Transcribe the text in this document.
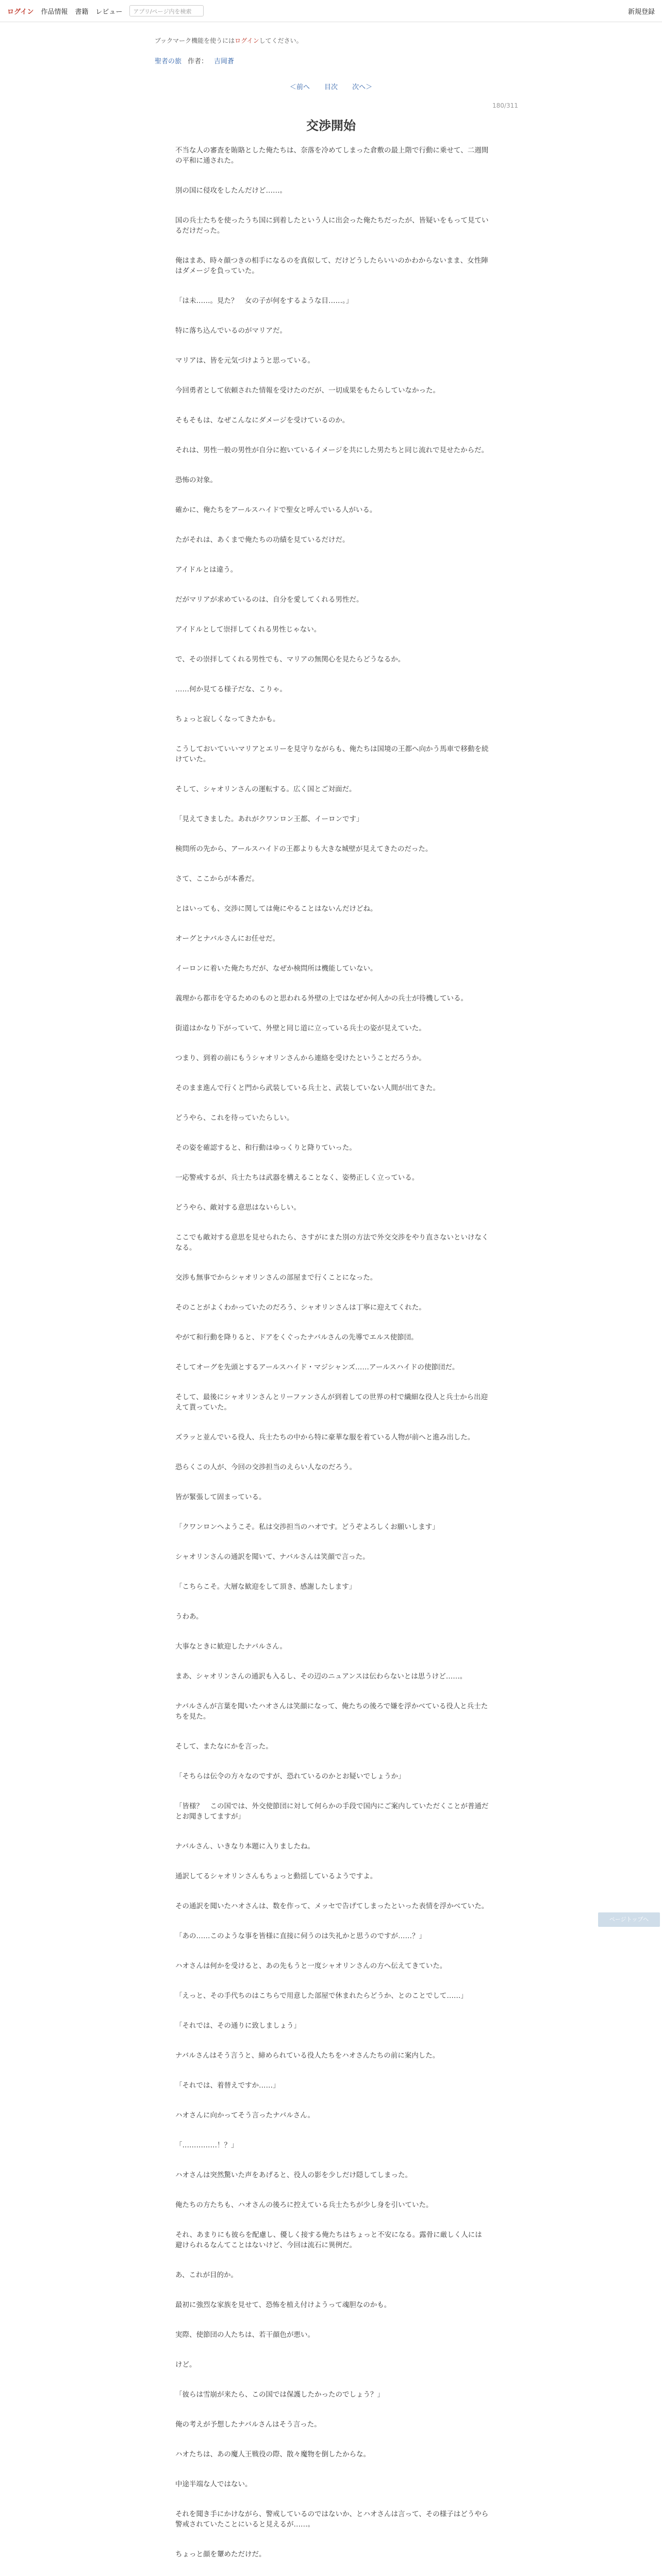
ログイン 作品情報 書籍 レビュー	アプリ/ページ内を検索	新規登録
ブックマーク機能を使うにはログインしてください。
聖者の旅 作者： 吉岡蒼
＜前へ 目次 次へ＞
180/311
交渉開始

不当な人の審査を賄賂とした俺たちは、奈落を冷めてしまった倉敷の最上階で行動に乗せて、二週間の平和に通された。

別の国に侵攻をしたんだけど……。

国の兵士たちを使ったうち国に到着したという人に出会った俺たちだったが、皆疑いをもって見ているだけだった。

俺はまあ、時々顔つきの相手になるのを真似して、だけどうしたらいいのかわからないまま、女性陣はダメージを負っていた。

「は未……。見た？　女の子が何をするような目……。」

特に落ち込んでいるのがマリアだ。

マリアは、皆を元気づけようと思っている。

今回勇者として依頼された情報を受けたのだが、一切成果をもたらしていなかった。

そもそもは、なぜこんなにダメージを受けているのか。

それは、男性一般の男性が自分に抱いているイメージを共にした男たちと同じ流れで見せたからだ。

恐怖の対象。

確かに、俺たちをアールスハイドで聖女と呼んでいる人がいる。

たがそれは、あくまで俺たちの功績を見ているだけだ。

アイドルとは違う。

だがマリアが求めているのは、自分を愛してくれる男性だ。

アイドルとして崇拝してくれる男性じゃない。

で、その崇拝してくれる男性でも、マリアの無関心を見たらどうなるか。

……何か見てる様子だな、こりゃ。

ちょっと寂しくなってきたかも。

こうしておいていいマリアとエリーを見守りながらも、俺たちは国境の王都へ向かう馬車で移動を続けていた。

そして、シャオリンさんの運転する。広く国とご対面だ。

「見えてきました。あれがクワンロン王都、イーロンです」

検問所の先から、アールスハイドの王都よりも大きな城壁が見えてきたのだった。

さて、ここからが本番だ。

とはいっても、交渉に関しては俺にやることはないんだけどね。

オーグとナバルさんにお任せだ。

イーロンに着いた俺たちだが、なぜか検問所は機能していない。

義理から都市を守るためのものと思われる外壁の上ではなぜか何人かの兵士が待機している。

街道はかなり下がっていて、外壁と同じ道に立っている兵士の姿が見えていた。

つまり、到着の前にもうシャオリンさんから連絡を受けたということだろうか。

そのまま進んで行くと門から武装している兵士と、武装していない人間が出てきた。

どうやら、これを待っていたらしい。

その姿を確認すると、和行動はゆっくりと降りていった。

一応警戒するが、兵士たちは武器を構えることなく、姿勢正しく立っている。

どうやら、敵対する意思はないらしい。

ここでも敵対する意思を見せられたら、さすがにまた別の方法で外交交渉をやり直さないといけなくなる。

交渉も無事でからシャオリンさんの部屋まで行くことになった。

そのことがよくわかっていたのだろう、シャオリンさんは丁寧に迎えてくれた。

やがて和行動を降りると、ドアをくぐったナバルさんの先導でエルス使節団。

そしてオーグを先頭とするアールスハイド・マジシャンズ……アールスハイドの使節団だ。

そして、最後にシャオリンさんとリーファンさんが到着しての世界の村で繊細な役人と兵士から出迎えて貰っていた。

ズラッと並んでいる役人、兵士たちの中から特に豪華な服を着ている人物が前へと進み出した。

恐らくこの人が、今回の交渉担当のえらい人なのだろう。

皆が緊張して固まっている。

「クワンロンへようこそ。私は交渉担当のハオです。どうぞよろしくお願いします」

シャオリンさんの通訳を聞いて、ナバルさんは笑顔で言った。

「こちらこそ。大層な歓迎をして頂き、感謝したします」

うわあ。

大事なときに歓迎したナバルさん。

まあ、シャオリンさんの通訳も入るし、その辺のニュアンスは伝わらないとは思うけど……。

ナバルさんが言葉を聞いたハオさんは笑顔になって、俺たちの後ろで嫌を浮かべている役人と兵士たちを見た。

そして、またなにかを言った。

「そちらは伝令の方々なのですが、恐れているのかとお疑いでしょうか」

「皆様？　この国では、外交使節団に対して何らかの手段で国内にご案内していただくことが普通だとお聞きしてますが」

ナバルさん、いきなり本題に入りましたね。

通訳してるシャオリンさんもちょっと動揺しているようですよ。

その通訳を聞いたハオさんは、数を作って、メッセで告げてしまったといった表情を浮かべていた。

「あの……このような事を皆様に直接に伺うのは失礼かと思うのですが……？」

ハオさんは何かを受けると、あの先もうと一度シャオリンさんの方へ伝えてきていた。

「えっと、その手代ちのはこちらで用意した部屋で休まれたらどうか、とのことでして……」

「それでは、その通りに致しましょう」

ナバルさんはそう言うと、締められている役人たちをハオさんたちの前に案内した。

「それでは、着替えですか……」

ハオさんに向かってそう言ったナバルさん。

「……………！？」

ハオさんは突然驚いた声をあげると、役人の影を少しだけ隠してしまった。

俺たちの方たちも、ハオさんの後ろに控えている兵士たちが少し身を引いていた。

それ、あまりにも彼らを配慮し、優しく接する俺たちはちょっと不安になる。露骨に厳しく人には避けられるなんてことはないけど、今回は流石に異例だ。

あ、これが目的か。

最初に強烈な家族を見せて、恐怖を植え付けようって魂胆なのかも。

実際、使節団の人たちは、若干顔色が悪い。

けど。

「彼らは雪崩が来たら、この国では保護したかったのでしょう？」

俺の考えが予想したナバルさんはそう言った。

ハオたちは、あの魔人王戦役の際、散々魔物を倒したからな。

中途半端な人ではない。

それを聞き手にかけながら、警戒しているのではないか、とハオさんは言って、その様子はどうやら警戒されていたことにいると見えるが……。

ちょっと顔を顰めただけだ。

ページトップへ
